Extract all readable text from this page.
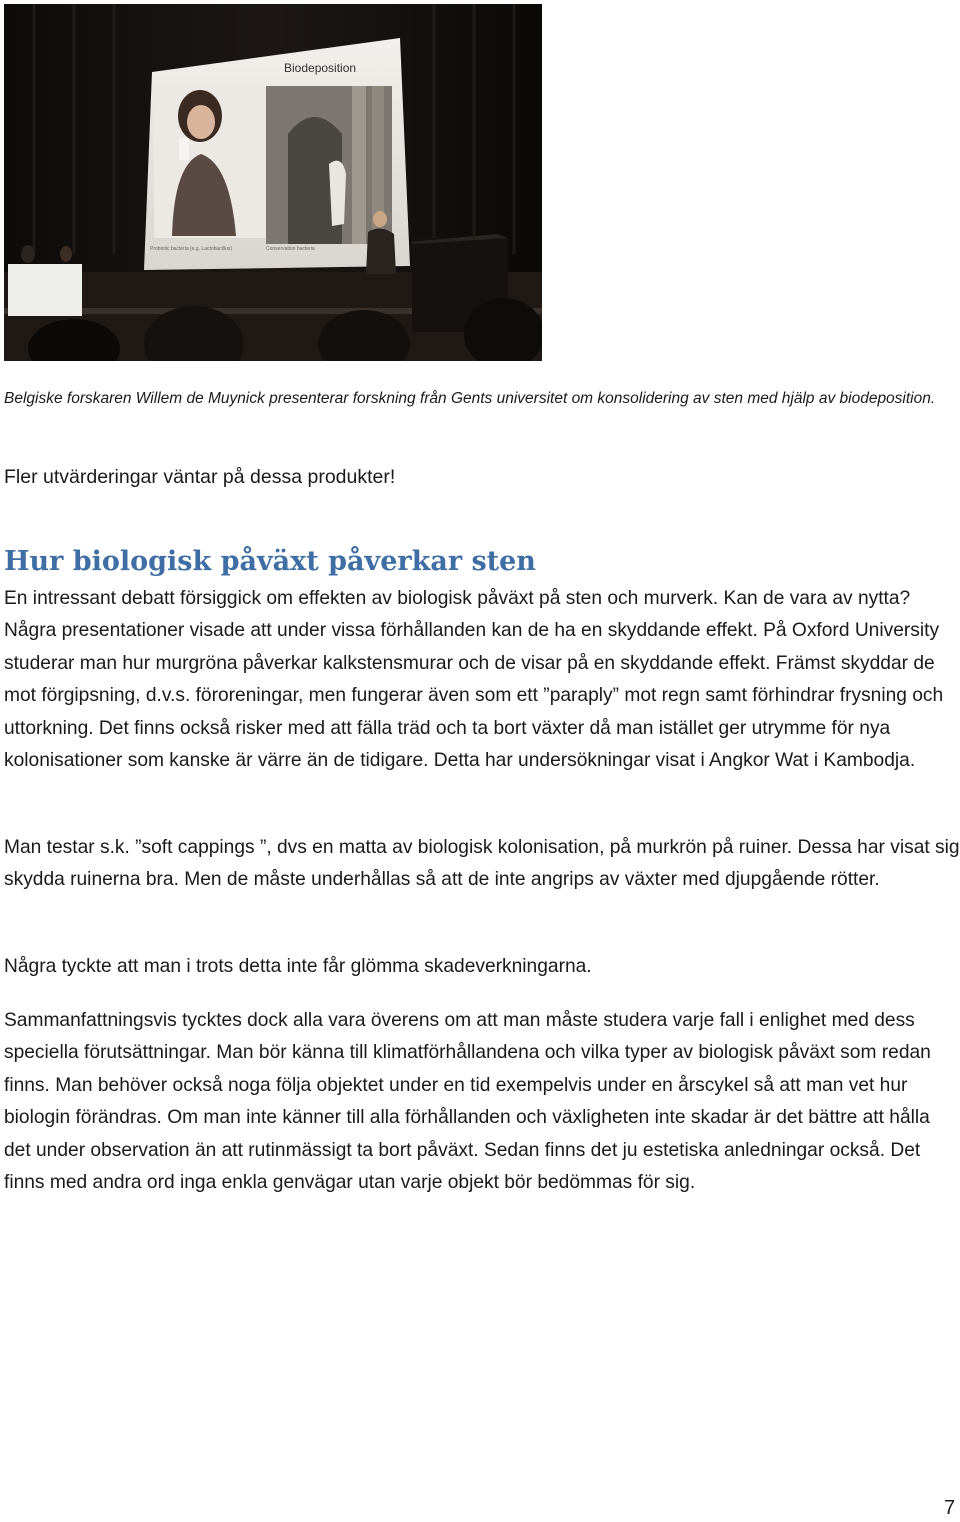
Biodeposition
Probiotic bacteria (e.g. Lactobacillus)	Conservation bacteria
Belgiske forskaren Willem de Muynick presenterar forskning från Gents universitet om konsolidering av sten med hjälp av biodeposition.
Fler utvärderingar väntar på dessa produkter!
Hur biologisk påväxt påverkar sten

En intressant debatt försiggick om effekten av biologisk påväxt på sten och murverk. Kan de vara av nytta? Några presentationer visade att under vissa förhållanden kan de ha en skyddande effekt. På Oxford University studerar man hur murgröna påverkar kalkstensmurar och de visar på en skyddande effekt. Främst skyddar de mot förgipsning, d.v.s. föroreningar, men fungerar även som ett ”paraply” mot regn samt förhindrar frysning och uttorkning. Det finns också risker med att fälla träd och ta bort växter då man istället ger utrymme för nya kolonisationer som kanske är värre än de tidigare. Detta har undersökningar visat i Angkor Wat i Kambodja.

Man testar s.k. ”soft cappings ”, dvs en matta av biologisk kolonisation, på murkrön på ruiner. Dessa har visat sig skydda ruinerna bra. Men de måste underhållas så att de inte angrips av växter med djupgående rötter.

Några tyckte att man i trots detta inte får glömma skadeverkningarna.

Sammanfattningsvis tycktes dock alla vara överens om att man måste studera varje fall i enlighet med dess speciella förutsättningar. Man bör känna till klimatförhållandena och vilka typer av biologisk påväxt som redan finns. Man behöver också noga följa objektet under en tid exempelvis under en årscykel så att man vet hur biologin förändras. Om man inte känner till alla förhållanden och växligheten inte skadar är det bättre att hålla det under observation än att rutinmässigt ta bort påväxt. Sedan finns det ju estetiska anledningar också. Det finns med andra ord inga enkla genvägar utan varje objekt bör bedömmas för sig.

7
